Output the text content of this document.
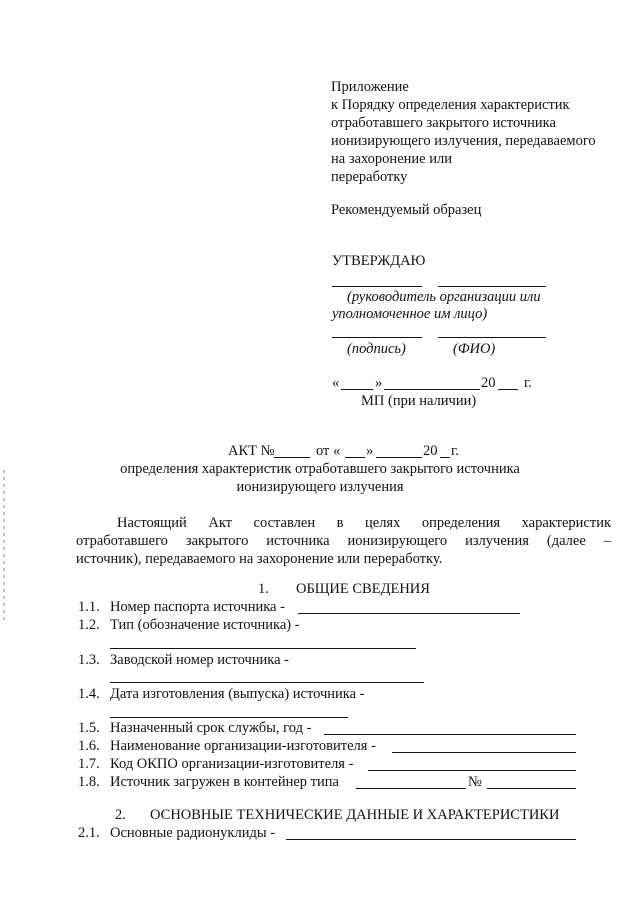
Приложение
к Порядку определения характеристик
отработавшего закрытого источника
ионизирующего излучения, передаваемого
на захоронение или
переработку
Рекомендуемый образец
УТВЕРЖДАЮ
(руководитель организации или
уполномоченное им лицо)
(подпись)	(ФИО)
« »	20 г.
МП (при наличии)
АКТ №	от « »	20 г.
определения характеристик отработавшего закрытого источника
ионизирующего излучения
Настоящий Акт составлен в целях определения характеристик
отработавшего закрытого источника ионизирующего излучения (далее –
источник), передаваемого на захоронение или переработку.
1. ОБЩИЕ СВЕДЕНИЯ
1.1. Номер паспорта источника -
1.2. Тип (обозначение источника) -
1.3. Заводской номер источника -
1.4. Дата изготовления (выпуска) источника -
1.5. Назначенный срок службы, год -
1.6. Наименование организации-изготовителя -
1.7. Код ОКПО организации-изготовителя -
1.8. Источник загружен в контейнер типа	№
2. ОСНОВНЫЕ ТЕХНИЧЕСКИЕ ДАННЫЕ И ХАРАКТЕРИСТИКИ
2.1. Основные радионуклиды -
